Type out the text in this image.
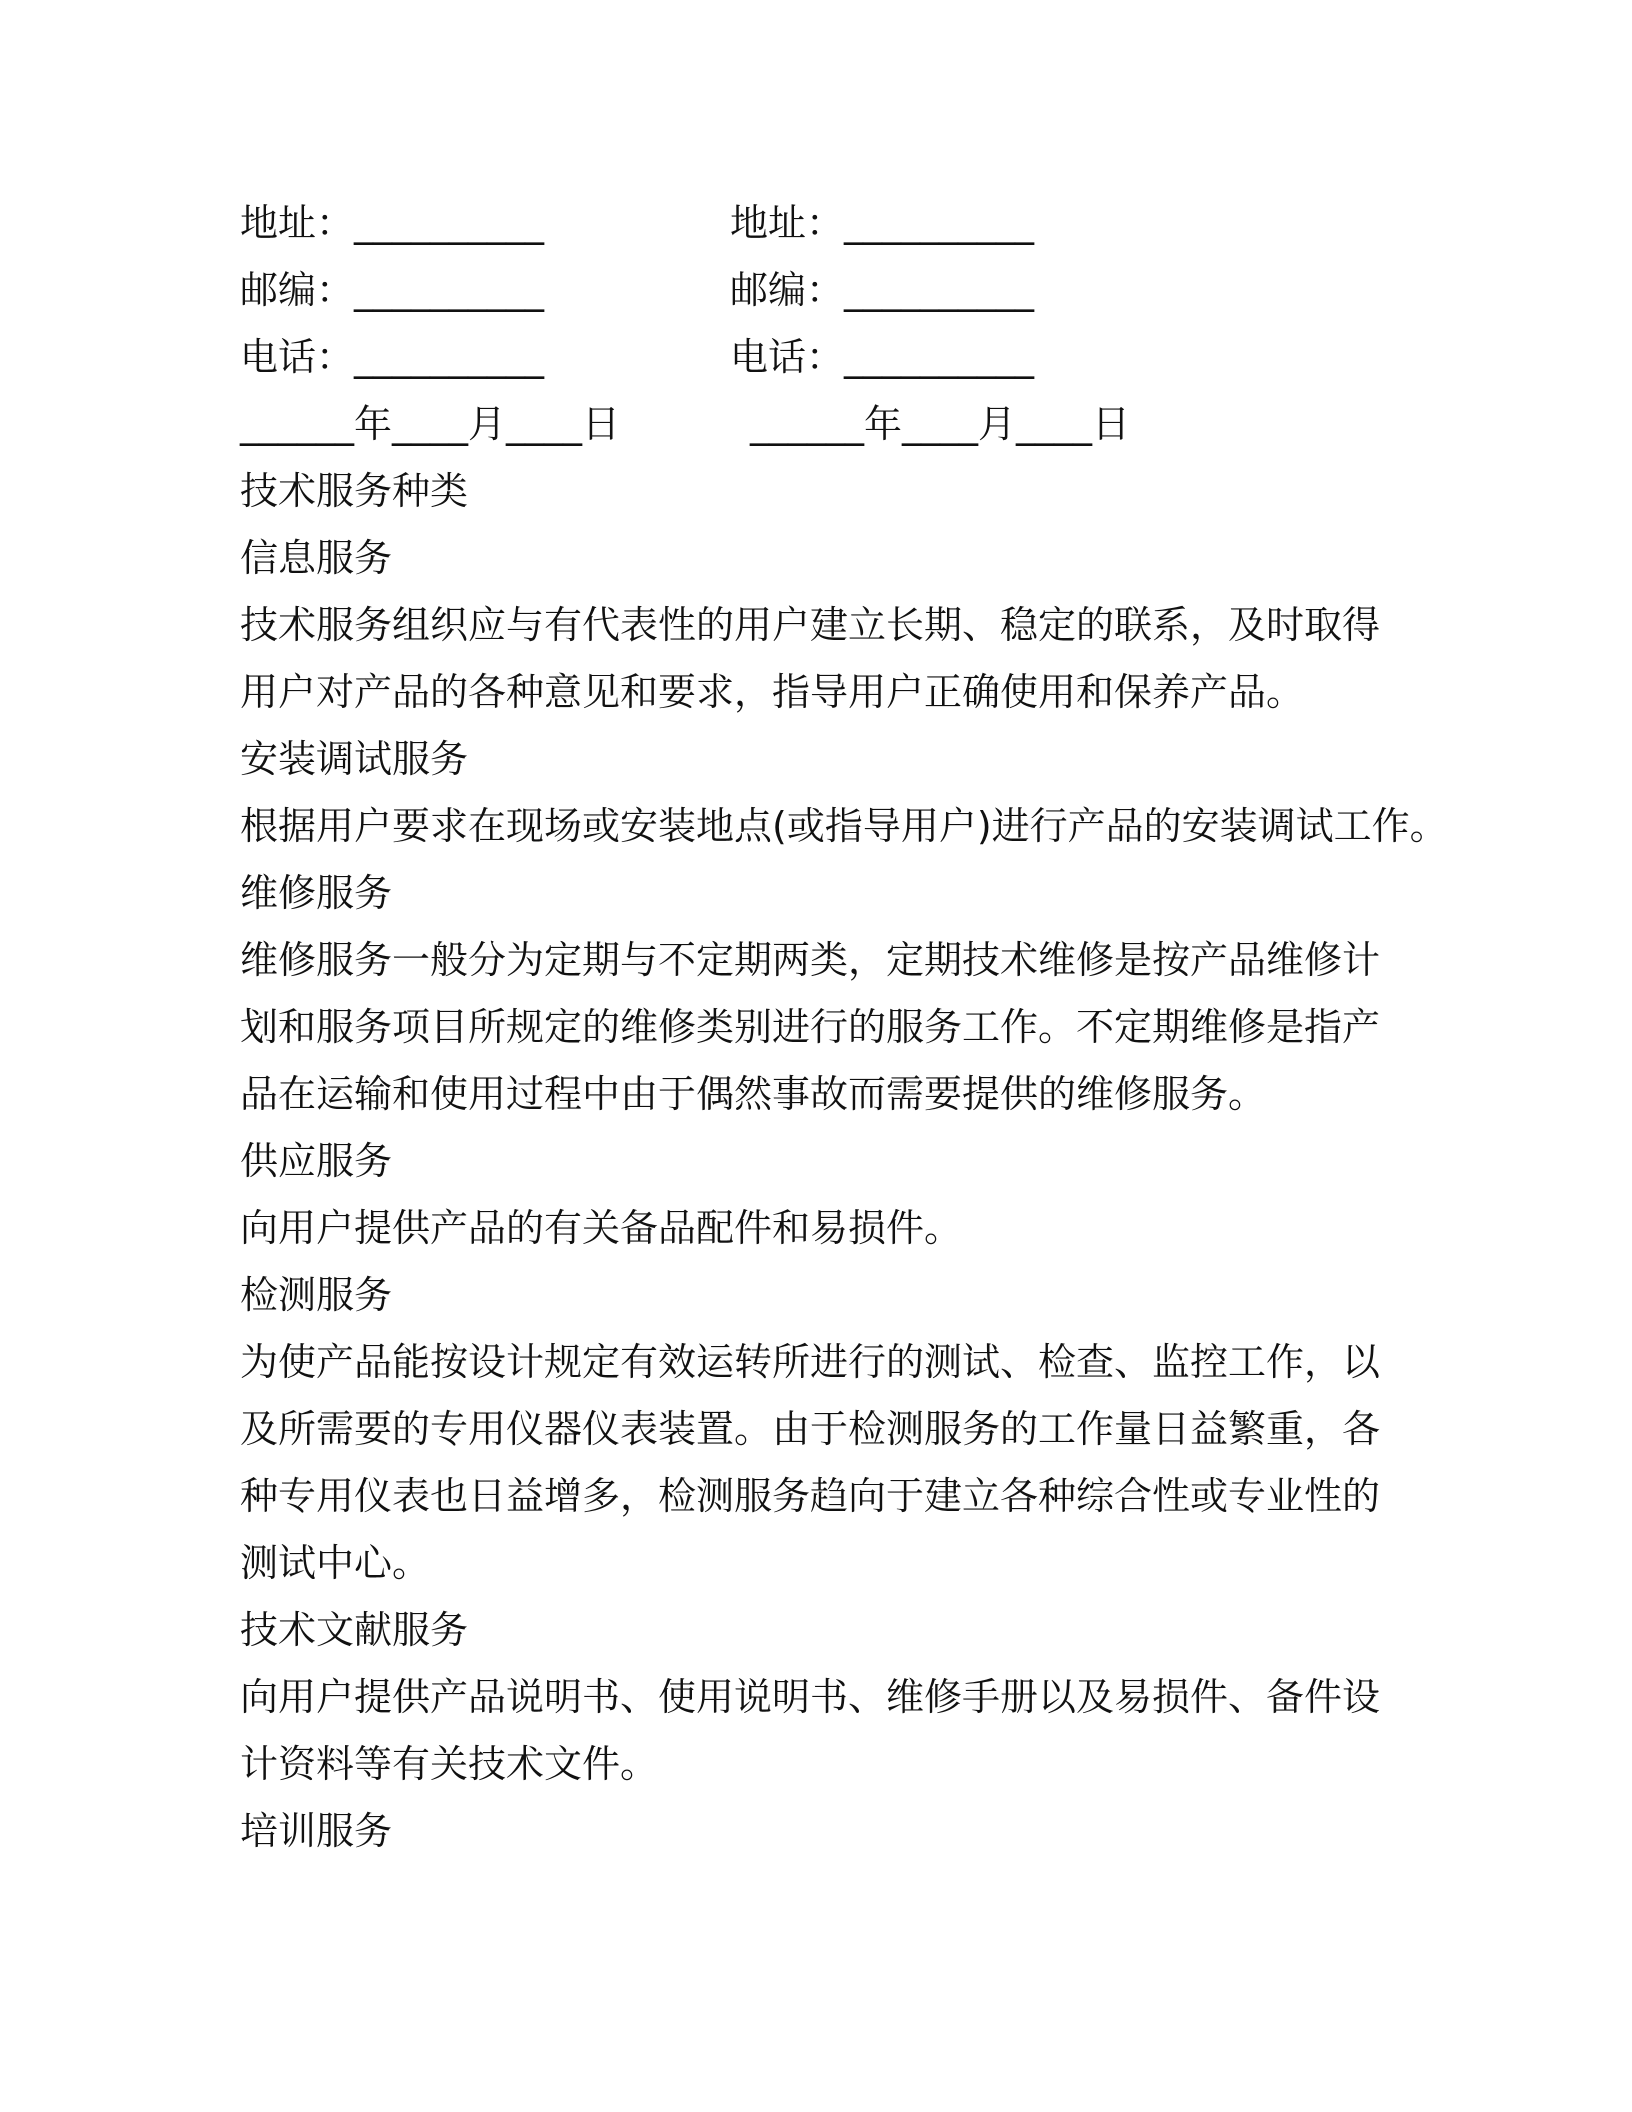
地址：__________	地址：__________
邮编：__________	邮编：__________
电话：__________	电话：__________
______年____月____日	______年____月____日
技术服务种类
信息服务
技术服务组织应与有代表性的用户建立长期、稳定的联系，及时取得
用户对产品的各种意见和要求，指导用户正确使用和保养产品。
安装调试服务
根据用户要求在现场或安装地点(或指导用户)进行产品的安装调试工作。
维修服务
维修服务一般分为定期与不定期两类，定期技术维修是按产品维修计
划和服务项目所规定的维修类别进行的服务工作。不定期维修是指产
品在运输和使用过程中由于偶然事故而需要提供的维修服务。
供应服务
向用户提供产品的有关备品配件和易损件。
检测服务
为使产品能按设计规定有效运转所进行的测试、检查、监控工作，以
及所需要的专用仪器仪表装置。由于检测服务的工作量日益繁重，各
种专用仪表也日益增多，检测服务趋向于建立各种综合性或专业性的
测试中心。
技术文献服务
向用户提供产品说明书、使用说明书、维修手册以及易损件、备件设
计资料等有关技术文件。
培训服务
